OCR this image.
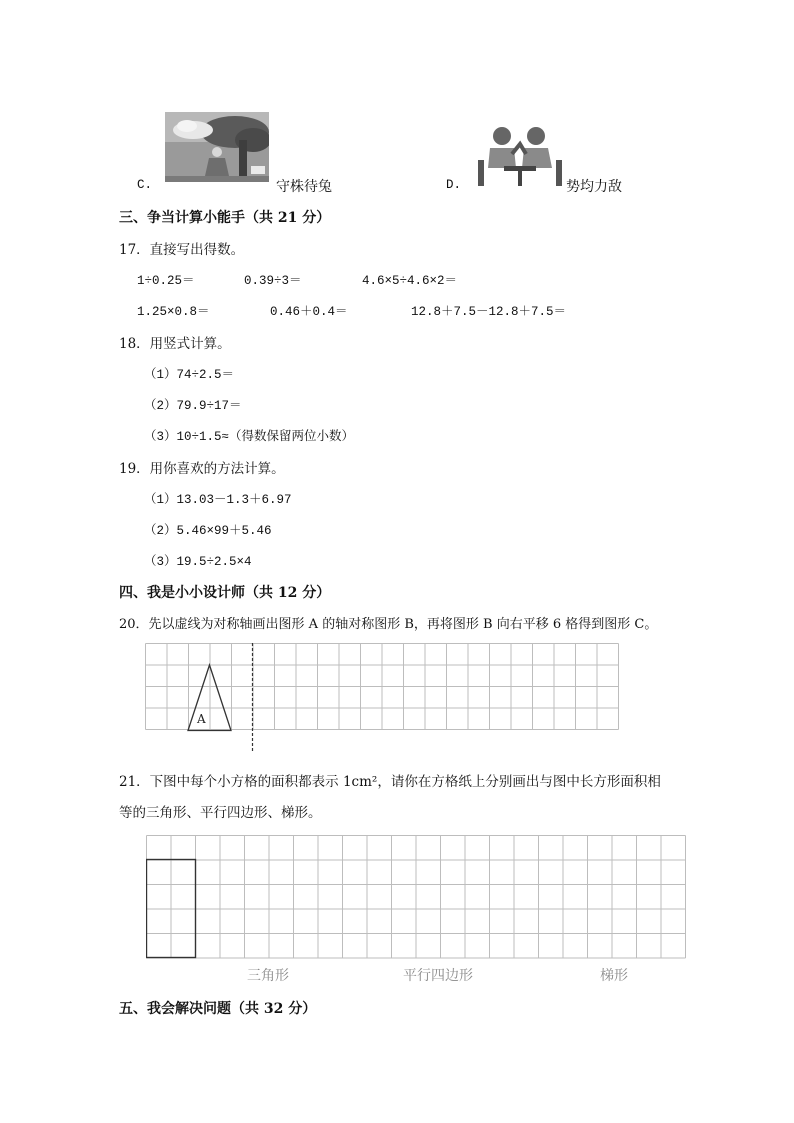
C.	守株待兔	D.	势均力敌
三、争当计算小能手（共 21 分）
17．直接写出得数。
1÷0.25＝	0.39÷3＝	4.6×5÷4.6×2＝
1.25×0.8＝	0.46＋0.4＝	12.8＋7.5－12.8＋7.5＝
18．用竖式计算。
（1）74÷2.5＝
（2）79.9÷17＝
（3）10÷1.5≈（得数保留两位小数）
19．用你喜欢的方法计算。
（1）13.03－1.3＋6.97
（2）5.46×99＋5.46
（3）19.5÷2.5×4
四、我是小小设计师（共 12 分）
20．先以虚线为对称轴画出图形 A 的轴对称图形 B，再将图形 B 向右平移 6 格得到图形 C。
A
21．下图中每个小方格的面积都表示 1cm²，请你在方格纸上分别画出与图中长方形面积相
等的三角形、平行四边形、梯形。
三角形	平行四边形	梯形
五、我会解决问题（共 32 分）
